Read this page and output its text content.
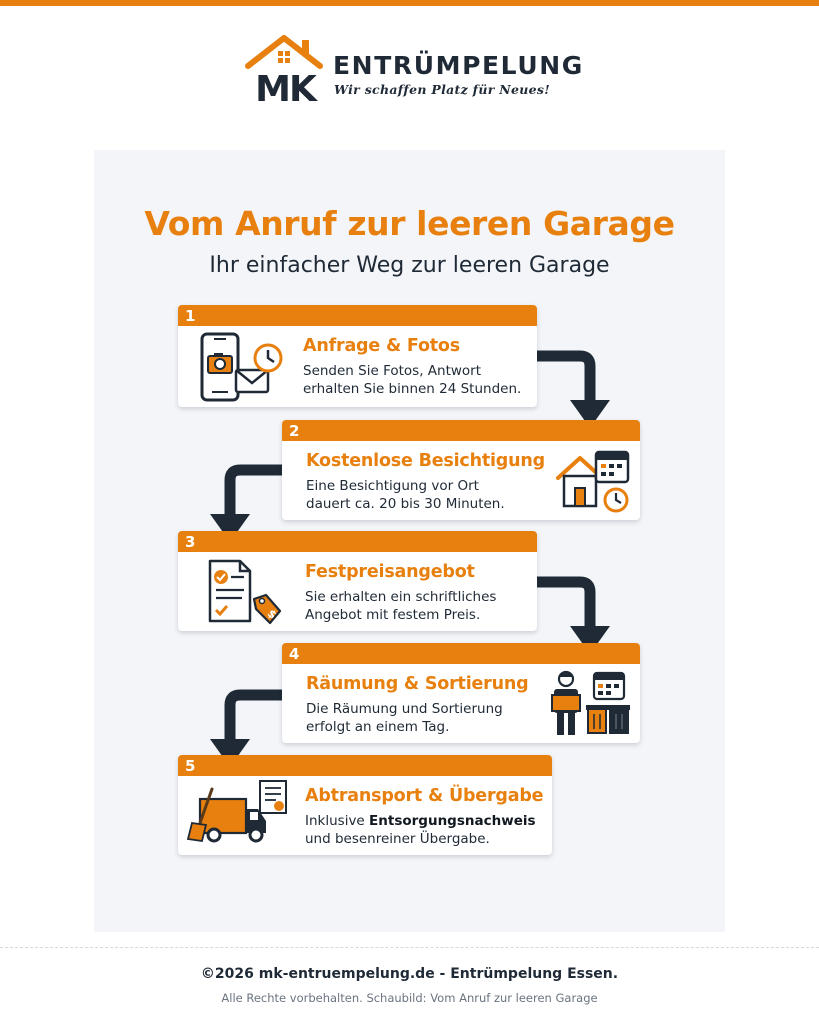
MK
ENTRÜMPELUNG
Wir schaffen Platz für Neues!
Vom Anruf zur leeren Garage
Ihr einfacher Weg zur leeren Garage
1
Anfrage & Fotos
Senden Sie Fotos, Antwort
erhalten Sie binnen 24 Stunden.
2
Kostenlose Besichtigung
Eine Besichtigung vor Ort
dauert ca. 20 bis 30 Minuten.
3
$
Festpreisangebot
Sie erhalten ein schriftliches
Angebot mit festem Preis.
4
Räumung & Sortierung
Die Räumung und Sortierung
erfolgt an einem Tag.
5
Abtransport & Übergabe
Inklusive Entsorgungsnachweis
und besenreiner Übergabe.
©2026 mk-entruempelung.de - Entrümpelung Essen.
Alle Rechte vorbehalten. Schaubild: Vom Anruf zur leeren Garage
